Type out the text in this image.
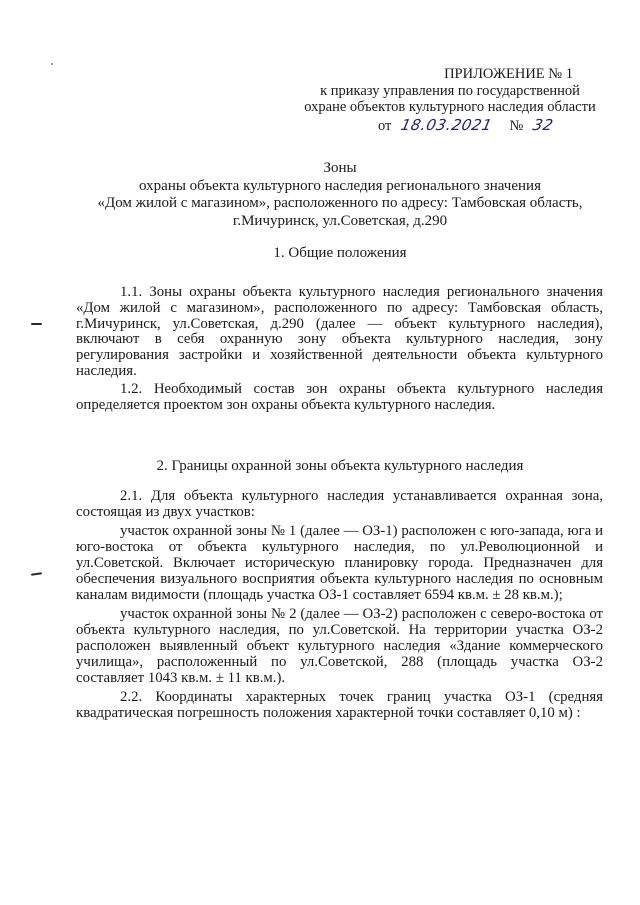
ПРИЛОЖЕНИЕ № 1
к приказу управления по государственной
охране объектов культурного наследия области
от 18.03.2021 № 32
Зоны
охраны объекта культурного наследия регионального значения
«Дом жилой с магазином», расположенного по адресу: Тамбовская область,
г.Мичуринск, ул.Советская, д.290
1. Общие положения

1.1. Зоны охраны объекта культурного наследия регионального значения «Дом жилой с магазином», расположенного по адресу: Тамбовская область, г.Мичуринск, ул.Советская, д.290 (далее — объект культурного наследия), включают в себя охранную зону объекта культурного наследия, зону регулирования застройки и хозяйственной деятельности объекта культурного наследия.

1.2. Необходимый состав зон охраны объекта культурного наследия определяется проектом зон охраны объекта культурного наследия.

2. Границы охранной зоны объекта культурного наследия

2.1. Для объекта культурного наследия устанавливается охранная зона, состоящая из двух участков:

участок охранной зоны № 1 (далее — ОЗ-1) расположен с юго-запада, юга и юго-востока от объекта культурного наследия, по ул.Революционной и ул.Советской. Включает историческую планировку города. Предназначен для обеспечения визуального восприятия объекта культурного наследия по основным каналам видимости (площадь участка ОЗ-1 составляет 6594 кв.м. ± 28 кв.м.);

участок охранной зоны № 2 (далее — ОЗ-2) расположен с северо-востока от объекта культурного наследия, по ул.Советской. На территории участка ОЗ-2 расположен выявленный объект культурного наследия «Здание коммерческого училища», расположенный по ул.Советской, 288 (площадь участка ОЗ-2 составляет 1043 кв.м. ± 11 кв.м.).

2.2. Координаты характерных точек границ участка ОЗ-1 (средняя квадратическая погрешность положения характерной точки составляет 0,10 м) :
